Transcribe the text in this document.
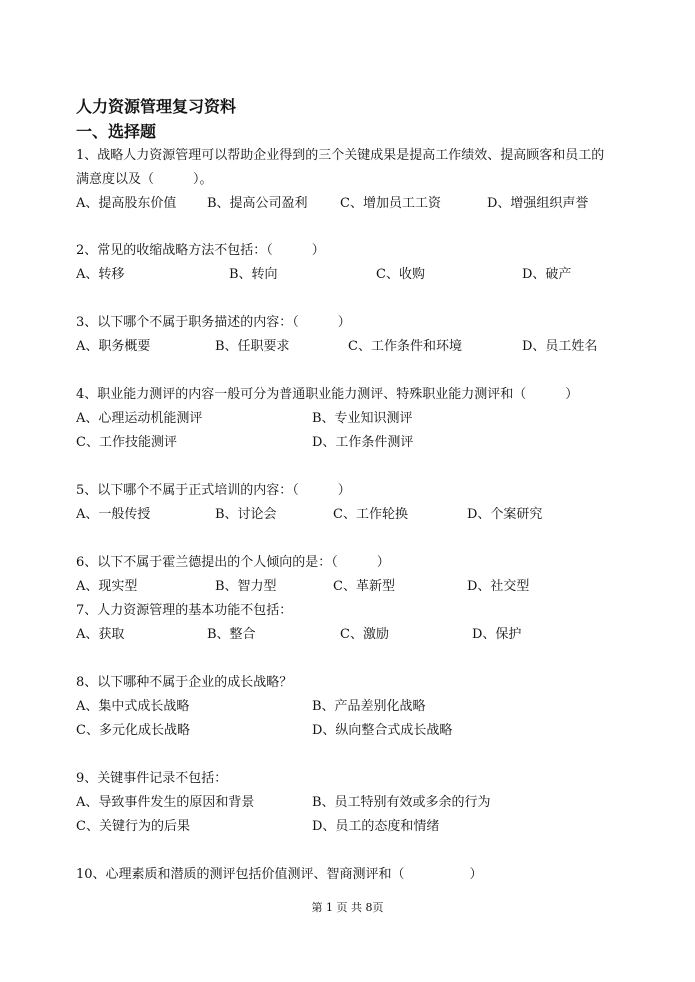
人力资源管理复习资料
一、选择题
1、战略人力资源管理可以帮助企业得到的三个关键成果是提高工作绩效、提高顾客和员工的
满意度以及（　　　）。
A、提高股东价值 B、提高公司盈利 C、增加员工工资	D、增强组织声誉
2、常见的收缩战略方法不包括：（　　　）
A、转移	B、转向	C、收购	D、破产
3、以下哪个不属于职务描述的内容：（　　　）
A、职务概要	B、任职要求	C、工作条件和环境	D、员工姓名
4、职业能力测评的内容一般可分为普通职业能力测评、特殊职业能力测评和（　　　）
A、心理运动机能测评	B、专业知识测评
C、工作技能测评	D、工作条件测评
5、以下哪个不属于正式培训的内容：（　　　）
A、一般传授	B、讨论会	C、工作轮换	D、个案研究
6、以下不属于霍兰德提出的个人倾向的是：（　　　）
A、现实型	B、智力型	C、革新型	D、社交型
7、人力资源管理的基本功能不包括：
A、获取	B、整合	C、激励	D、保护
8、以下哪种不属于企业的成长战略？
A、集中式成长战略	B、产品差别化战略
C、多元化成长战略	D、纵向整合式成长战略
9、关键事件记录不包括：
A、导致事件发生的原因和背景	B、员工特别有效或多余的行为
C、关键行为的后果	D、员工的态度和情绪
10、心理素质和潜质的测评包括价值测评、智商测评和（　　　　　）
第 1 页 共 8页
